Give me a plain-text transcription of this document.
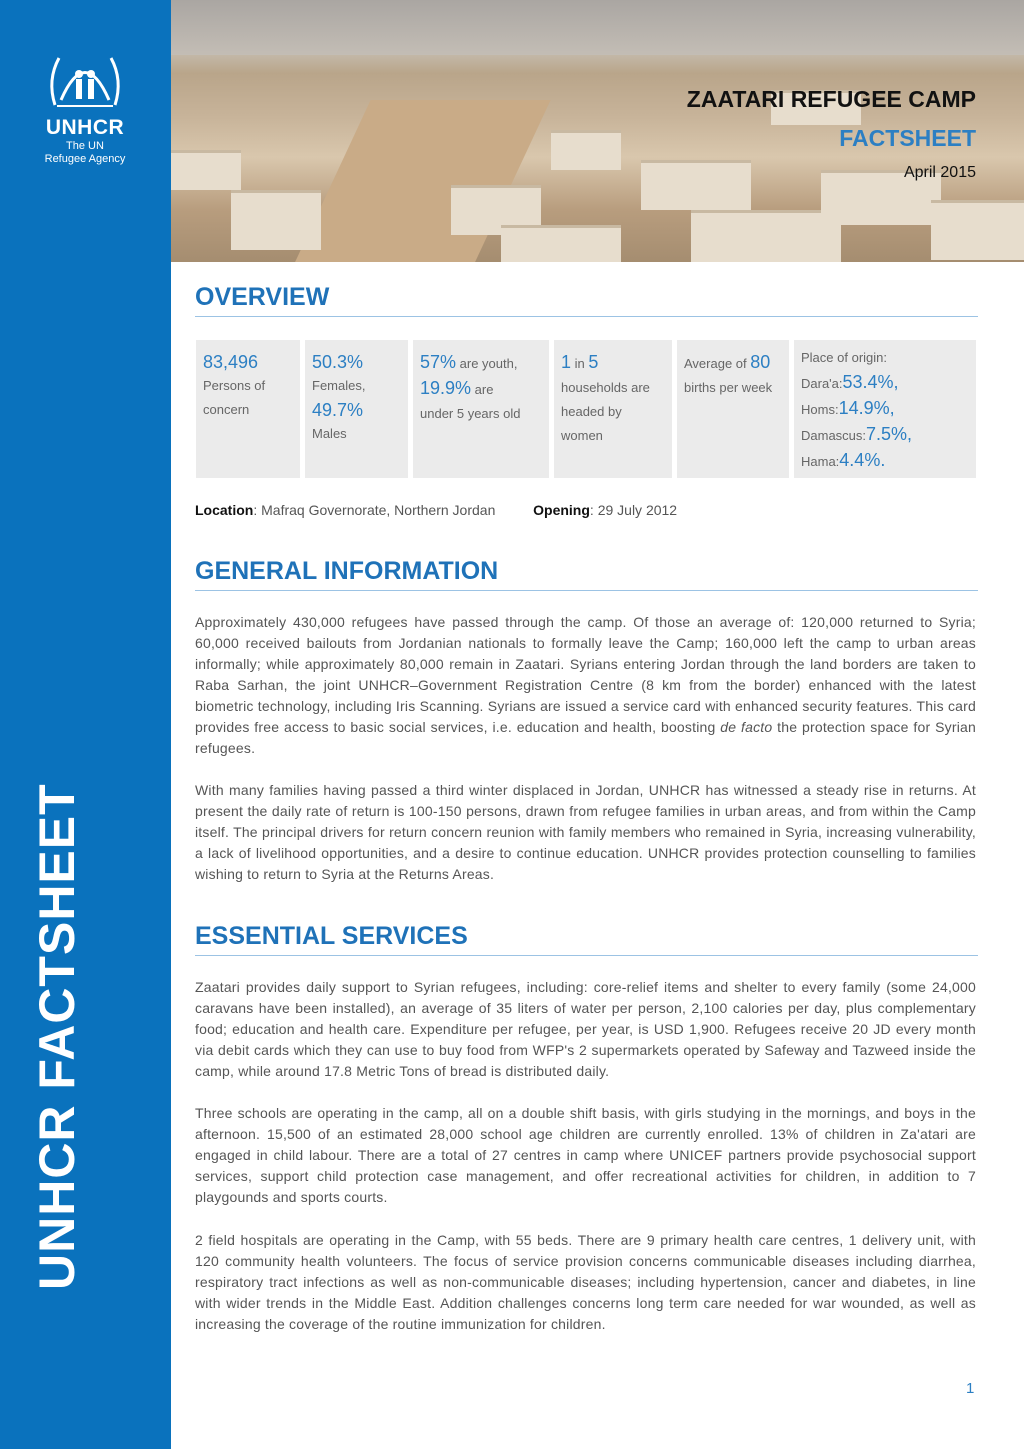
UNHCR
The UN
Refugee Agency
UNHCR FACTSHEET
ZAATARI REFUGEE CAMP
FACTSHEET
April 2015
OVERVIEW
83,496
Persons of concern
50.3%
Females,
49.7%
Males
57% are youth,
19.9% are
under 5 years old
1 in 5
households are headed by women
Average of 80
births per week
Place of origin:
Dara'a:53.4%,
Homs:14.9%,
Damascus:7.5%,
Hama:4.4%.
Location: Mafraq Governorate, Northern Jordan	Opening: 29 July 2012
GENERAL INFORMATION

Approximately 430,000 refugees have passed through the camp. Of those an average of: 120,000 returned to Syria; 60,000 received bailouts from Jordanian nationals to formally leave the Camp; 160,000 left the camp to urban areas informally; while approximately 80,000 remain in Zaatari. Syrians entering Jordan through the land borders are taken to Raba Sarhan, the joint UNHCR–Government Registration Centre (8 km from the border) enhanced with the latest biometric technology, including Iris Scanning. Syrians are issued a service card with enhanced security features. This card provides free access to basic social services, i.e. education and health, boosting de facto the protection space for Syrian refugees.

With many families having passed a third winter displaced in Jordan, UNHCR has witnessed a steady rise in returns. At present the daily rate of return is 100-150 persons, drawn from refugee families in urban areas, and from within the Camp itself. The principal drivers for return concern reunion with family members who remained in Syria, increasing vulnerability, a lack of livelihood opportunities, and a desire to continue education. UNHCR provides protection counselling to families wishing to return to Syria at the Returns Areas.

ESSENTIAL SERVICES

Zaatari provides daily support to Syrian refugees, including: core-relief items and shelter to every family (some 24,000 caravans have been installed), an average of 35 liters of water per person, 2,100 calories per day, plus complementary food; education and health care. Expenditure per refugee, per year, is USD 1,900. Refugees receive 20 JD every month via debit cards which they can use to buy food from WFP's 2 supermarkets operated by Safeway and Tazweed inside the camp, while around 17.8 Metric Tons of bread is distributed daily.

Three schools are operating in the camp, all on a double shift basis, with girls studying in the mornings, and boys in the afternoon. 15,500 of an estimated 28,000 school age children are currently enrolled. 13% of children in Za'atari are engaged in child labour. There are a total of 27 centres in camp where UNICEF partners provide psychosocial support services, support child protection case management, and offer recreational activities for children, in addition to 7 playgounds and sports courts.

2 field hospitals are operating in the Camp, with 55 beds. There are 9 primary health care centres, 1 delivery unit, with 120 community health volunteers. The focus of service provision concerns communicable diseases including diarrhea, respiratory tract infections as well as non-communicable diseases; including hypertension, cancer and diabetes, in line with wider trends in the Middle East. Addition challenges concerns long term care needed for war wounded, as well as increasing the coverage of the routine immunization for children.

1
